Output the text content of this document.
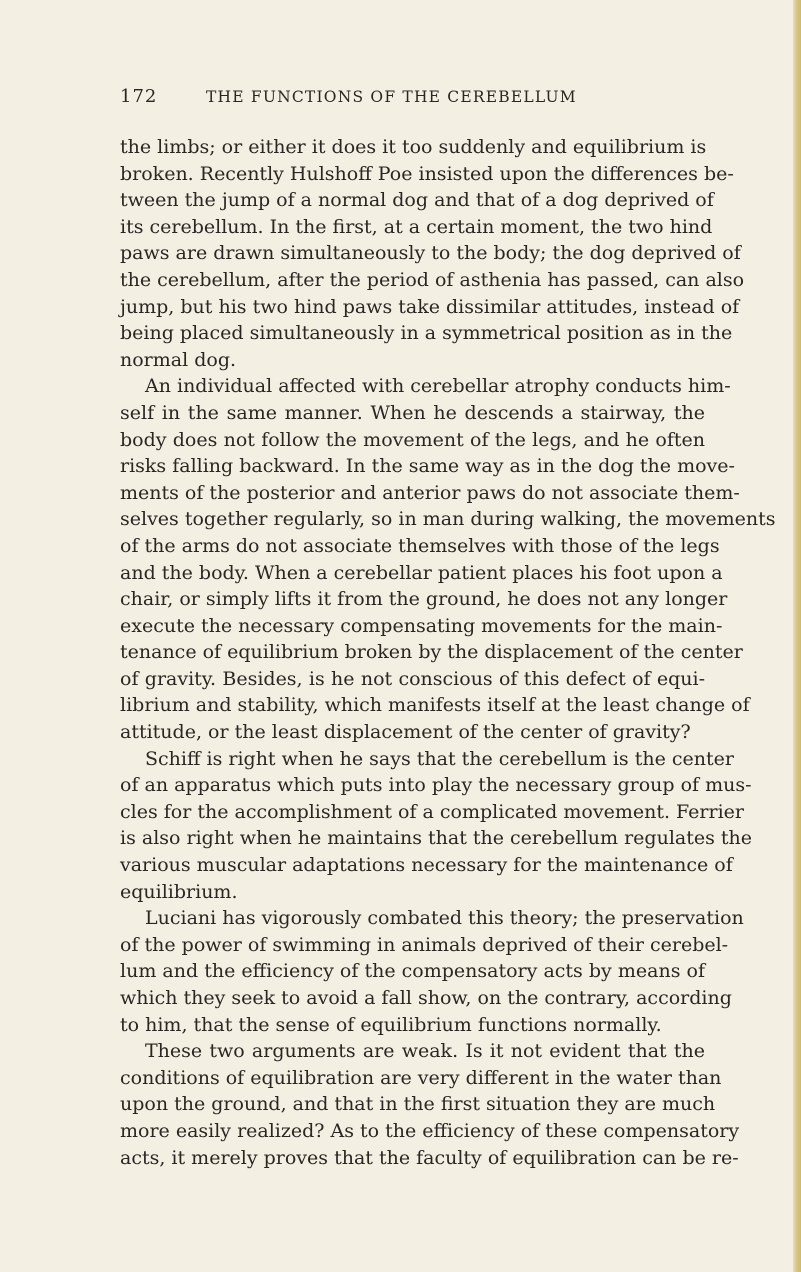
172	THE FUNCTIONS OF THE CEREBELLUM
the limbs; or either it does it too suddenly and equilibrium is
broken. Recently Hulshoff Poe insisted upon the differences be-
tween the jump of a normal dog and that of a dog deprived of
its cerebellum. In the first, at a certain moment, the two hind
paws are drawn simultaneously to the body; the dog deprived of
the cerebellum, after the period of asthenia has passed, can also
jump, but his two hind paws take dissimilar attitudes, instead of
being placed simultaneously in a symmetrical position as in the
normal dog.
An individual affected with cerebellar atrophy conducts him-
self in the same manner. When he descends a stairway, the
body does not follow the movement of the legs, and he often
risks falling backward. In the same way as in the dog the move-
ments of the posterior and anterior paws do not associate them-
selves together regularly, so in man during walking, the movements
of the arms do not associate themselves with those of the legs
and the body. When a cerebellar patient places his foot upon a
chair, or simply lifts it from the ground, he does not any longer
execute the necessary compensating movements for the main-
tenance of equilibrium broken by the displacement of the center
of gravity. Besides, is he not conscious of this defect of equi-
librium and stability, which manifests itself at the least change of
attitude, or the least displacement of the center of gravity?
Schiff is right when he says that the cerebellum is the center
of an apparatus which puts into play the necessary group of mus-
cles for the accomplishment of a complicated movement. Ferrier
is also right when he maintains that the cerebellum regulates the
various muscular adaptations necessary for the maintenance of
equilibrium.
Luciani has vigorously combated this theory; the preservation
of the power of swimming in animals deprived of their cerebel-
lum and the efficiency of the compensatory acts by means of
which they seek to avoid a fall show, on the contrary, according
to him, that the sense of equilibrium functions normally.
These two arguments are weak. Is it not evident that the
conditions of equilibration are very different in the water than
upon the ground, and that in the first situation they are much
more easily realized? As to the efficiency of these compensatory
acts, it merely proves that the faculty of equilibration can be re-
